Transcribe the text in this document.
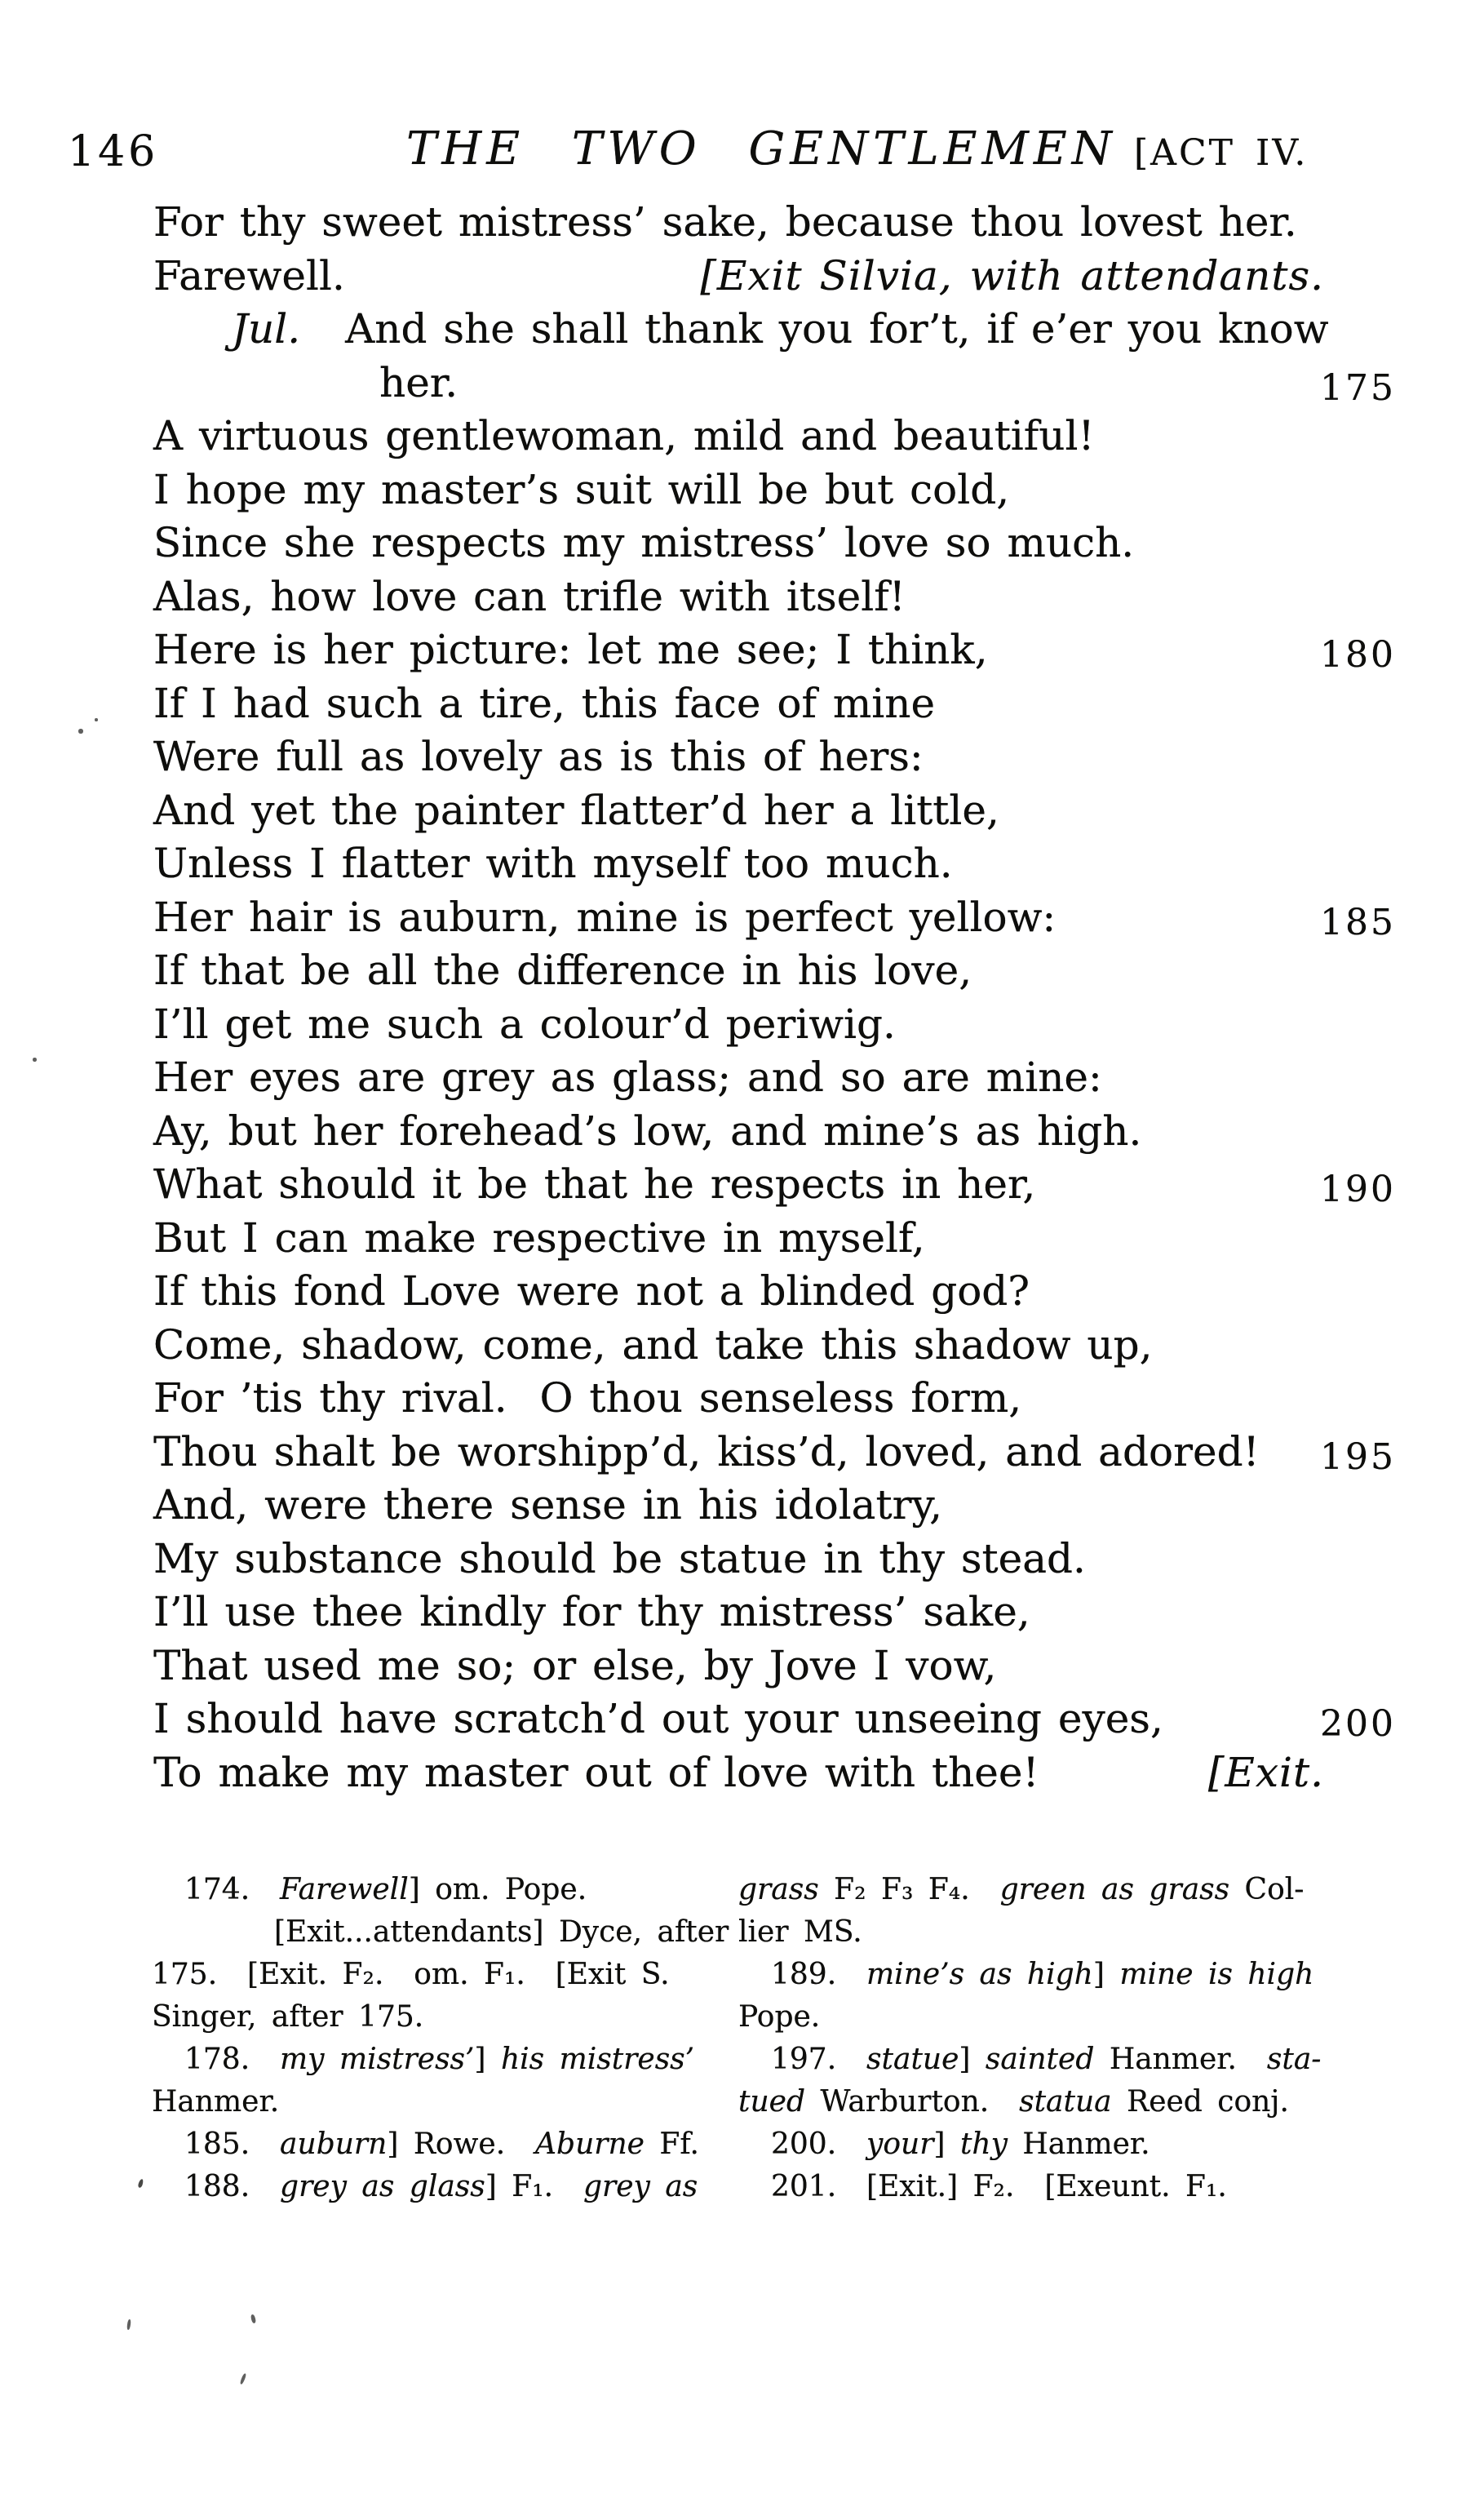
146	THE TWO GENTLEMEN [ACT IV.
For thy sweet mistress’ sake, because thou lovest her.
Farewell.	[Exit Silvia, with attendants.
Jul. And she shall thank you for’t, if e’er you know
her.	175
A virtuous gentlewoman, mild and beautiful!
I hope my master’s suit will be but cold,
Since she respects my mistress’ love so much.
Alas, how love can trifle with itself!
Here is her picture: let me see; I think,	180
If I had such a tire, this face of mine
Were full as lovely as is this of hers:
And yet the painter flatter’d her a little,
Unless I flatter with myself too much.
Her hair is auburn, mine is perfect yellow:	185
If that be all the difference in his love,
I’ll get me such a colour’d periwig.
Her eyes are grey as glass; and so are mine:
Ay, but her forehead’s low, and mine’s as high.
What should it be that he respects in her,	190
But I can make respective in myself,
If this fond Love were not a blinded god?
Come, shadow, come, and take this shadow up,
For ’tis thy rival.  O thou senseless form,
Thou shalt be worshipp’d, kiss’d, loved, and adored! 195
And, were there sense in his idolatry,
My substance should be statue in thy stead.
I’ll use thee kindly for thy mistress’ sake,
That used me so; or else, by Jove I vow,
I should have scratch’d out your unseeing eyes,	200
To make my master out of love with thee!	[Exit.
174.  Farewell] om. Pope.
[Exit...attendants] Dyce, after
175.  [Exit. F₂.  om. F₁.  [Exit S.
Singer, after 175.
178.  my mistress’] his mistress’
Hanmer.
185.  auburn] Rowe.  Aburne Ff.
188.  grey as glass] F₁.  grey as
grass F₂ F₃ F₄.  green as grass Col-
lier MS.
189.  mine’s as high] mine is high
Pope.
197.  statue] sainted Hanmer.  sta-
tued Warburton.  statua Reed conj.
200.  your] thy Hanmer.
201.  [Exit.] F₂.  [Exeunt. F₁.
